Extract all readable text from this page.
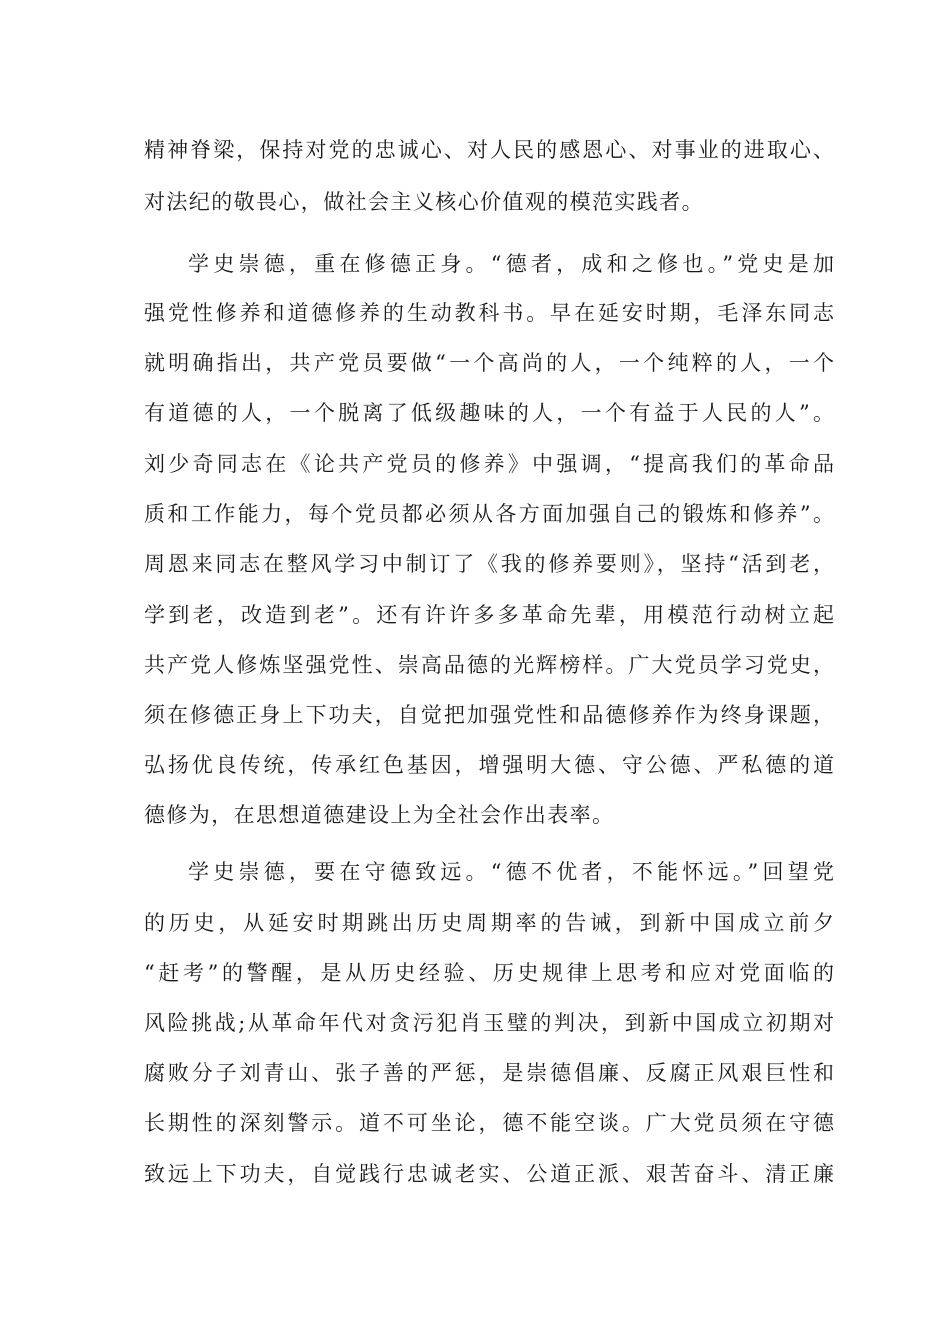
精神脊梁，保持对党的忠诚心、对人民的感恩心、对事业的进取心、

对法纪的敬畏心，做社会主义核心价值观的模范实践者。

学史崇德，重在修德正身。“德者，成和之修也。”党史是加

强党性修养和道德修养的生动教科书。早在延安时期，毛泽东同志

就明确指出，共产党员要做“一个高尚的人，一个纯粹的人，一个

有道德的人，一个脱离了低级趣味的人，一个有益于人民的人”。

刘少奇同志在《论共产党员的修养》中强调，“提高我们的革命品

质和工作能力，每个党员都必须从各方面加强自己的锻炼和修养”。

周恩来同志在整风学习中制订了《我的修养要则》，坚持“活到老，

学到老，改造到老”。还有许许多多革命先辈，用模范行动树立起

共产党人修炼坚强党性、崇高品德的光辉榜样。广大党员学习党史，

须在修德正身上下功夫，自觉把加强党性和品德修养作为终身课题，

弘扬优良传统，传承红色基因，增强明大德、守公德、严私德的道

德修为，在思想道德建设上为全社会作出表率。

学史崇德，要在守德致远。“德不优者，不能怀远。”回望党

的历史，从延安时期跳出历史周期率的告诫，到新中国成立前夕

“赶考”的警醒，是从历史经验、历史规律上思考和应对党面临的

风险挑战;从革命年代对贪污犯肖玉璧的判决，到新中国成立初期对

腐败分子刘青山、张子善的严惩，是崇德倡廉、反腐正风艰巨性和

长期性的深刻警示。道不可坐论，德不能空谈。广大党员须在守德

致远上下功夫，自觉践行忠诚老实、公道正派、艰苦奋斗、清正廉
